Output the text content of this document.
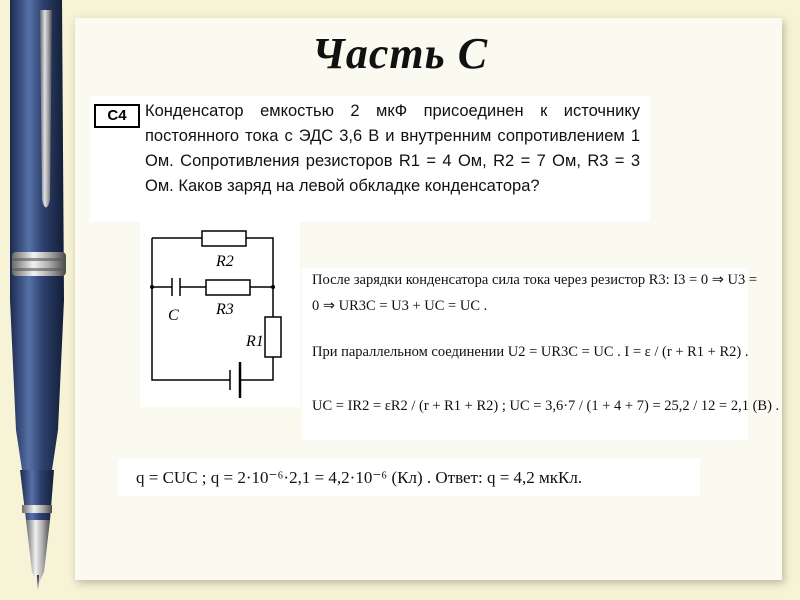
Часть С
С4	Конденсатор емкостью 2 мкФ присоединен к источнику постоянного тока с ЭДС 3,6 В и внутренним сопротивлением 1 Ом. Сопротивления резисторов R1 = 4 Ом, R2 = 7 Ом, R3 = 3 Ом. Каков заряд на левой обкладке конденсатора?
R2
R3
R1
C
После зарядки конденсатора сила тока через резистор R3: I3 = 0 ⇒ U3 =
0 ⇒ UR3C = U3 + UC = UC .
При параллельном соединении U2 = UR3C = UC . I = ε / (r + R1 + R2) .
UC = IR2 = εR2 / (r + R1 + R2) ; UC = 3,6·7 / (1 + 4 + 7) = 25,2 / 12 = 2,1 (В) .
q = CUC ; q = 2·10⁻⁶·2,1 = 4,2·10⁻⁶ (Кл) . Ответ: q = 4,2 мкКл.
